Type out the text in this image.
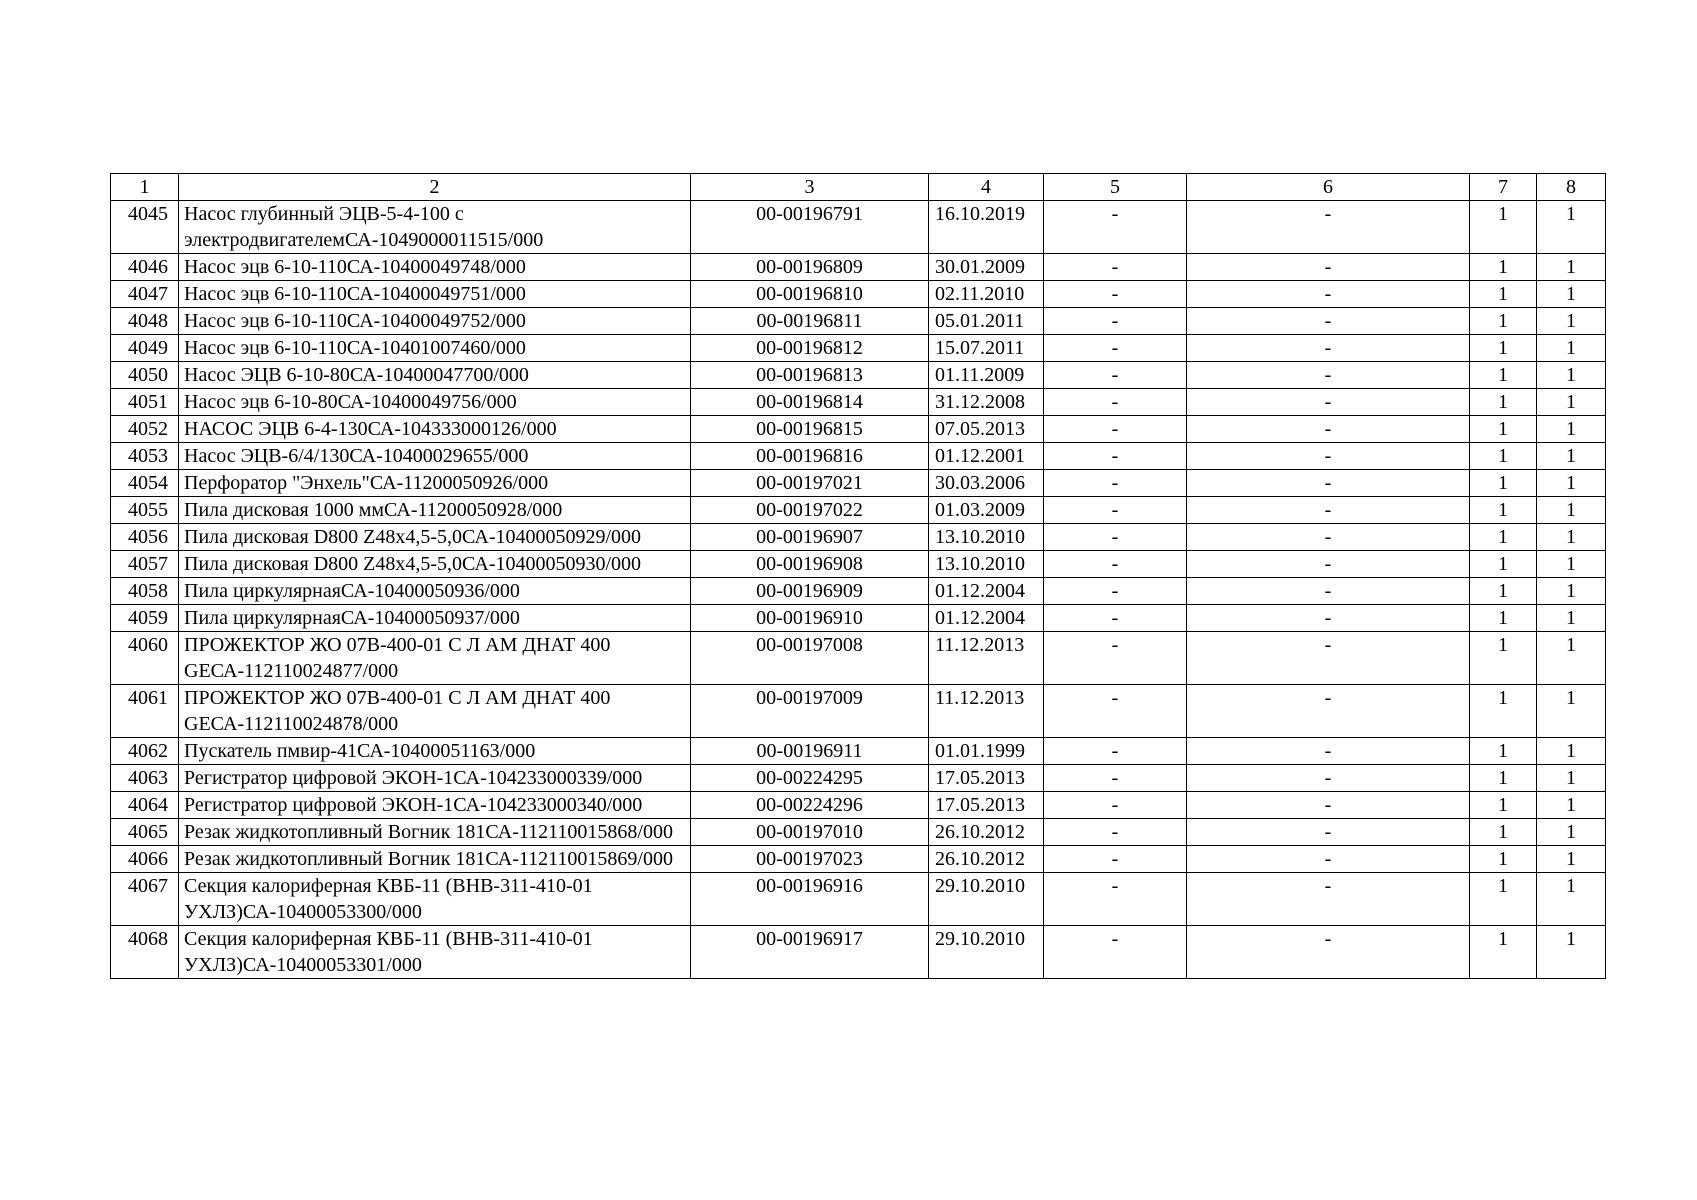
1	2	3	4	5	6	7	8
4045	Насос глубинный ЭЦВ-5-4-100 с электродвигателемСА-1049000011515/000	00-00196791	16.10.2019	-	-	1	1
4046	Насос эцв 6-10-110СА-10400049748/000	00-00196809	30.01.2009	-	-	1	1
4047	Насос эцв 6-10-110СА-10400049751/000	00-00196810	02.11.2010	-	-	1	1
4048	Насос эцв 6-10-110СА-10400049752/000	00-00196811	05.01.2011	-	-	1	1
4049	Насос эцв 6-10-110СА-10401007460/000	00-00196812	15.07.2011	-	-	1	1
4050	Насос ЭЦВ 6-10-80СА-10400047700/000	00-00196813	01.11.2009	-	-	1	1
4051	Насос эцв 6-10-80СА-10400049756/000	00-00196814	31.12.2008	-	-	1	1
4052	НАСОС ЭЦВ 6-4-130СА-104333000126/000	00-00196815	07.05.2013	-	-	1	1
4053	Насос ЭЦВ-6/4/130СА-10400029655/000	00-00196816	01.12.2001	-	-	1	1
4054	Перфоратор "Энхель"СА-11200050926/000	00-00197021	30.03.2006	-	-	1	1
4055	Пила дисковая 1000 ммСА-11200050928/000	00-00197022	01.03.2009	-	-	1	1
4056	Пила дисковая D800 Z48х4,5-5,0СА-10400050929/000	00-00196907	13.10.2010	-	-	1	1
4057	Пила дисковая D800 Z48х4,5-5,0СА-10400050930/000	00-00196908	13.10.2010	-	-	1	1
4058	Пила циркулярнаяСА-10400050936/000	00-00196909	01.12.2004	-	-	1	1
4059	Пила циркулярнаяСА-10400050937/000	00-00196910	01.12.2004	-	-	1	1
4060	ПРОЖЕКТОР ЖО 07В-400-01 С Л АМ ДНАТ 400 GЕСА-112110024877/000	00-00197008	11.12.2013	-	-	1	1
4061	ПРОЖЕКТОР ЖО 07В-400-01 С Л АМ ДНАТ 400 GЕСА-112110024878/000	00-00197009	11.12.2013	-	-	1	1
4062	Пускатель пмвир-41СА-10400051163/000	00-00196911	01.01.1999	-	-	1	1
4063	Регистратор цифровой ЭКОН-1СА-104233000339/000	00-00224295	17.05.2013	-	-	1	1
4064	Регистратор цифровой ЭКОН-1СА-104233000340/000	00-00224296	17.05.2013	-	-	1	1
4065	Резак жидкотопливный Вогник 181СА-112110015868/000	00-00197010	26.10.2012	-	-	1	1
4066	Резак жидкотопливный Вогник 181СА-112110015869/000	00-00197023	26.10.2012	-	-	1	1
4067	Секция калориферная КВБ-11 (ВНВ-311-410-01 УХЛЗ)СА-10400053300/000	00-00196916	29.10.2010	-	-	1	1
4068	Секция калориферная КВБ-11 (ВНВ-311-410-01 УХЛЗ)СА-10400053301/000	00-00196917	29.10.2010	-	-	1	1
